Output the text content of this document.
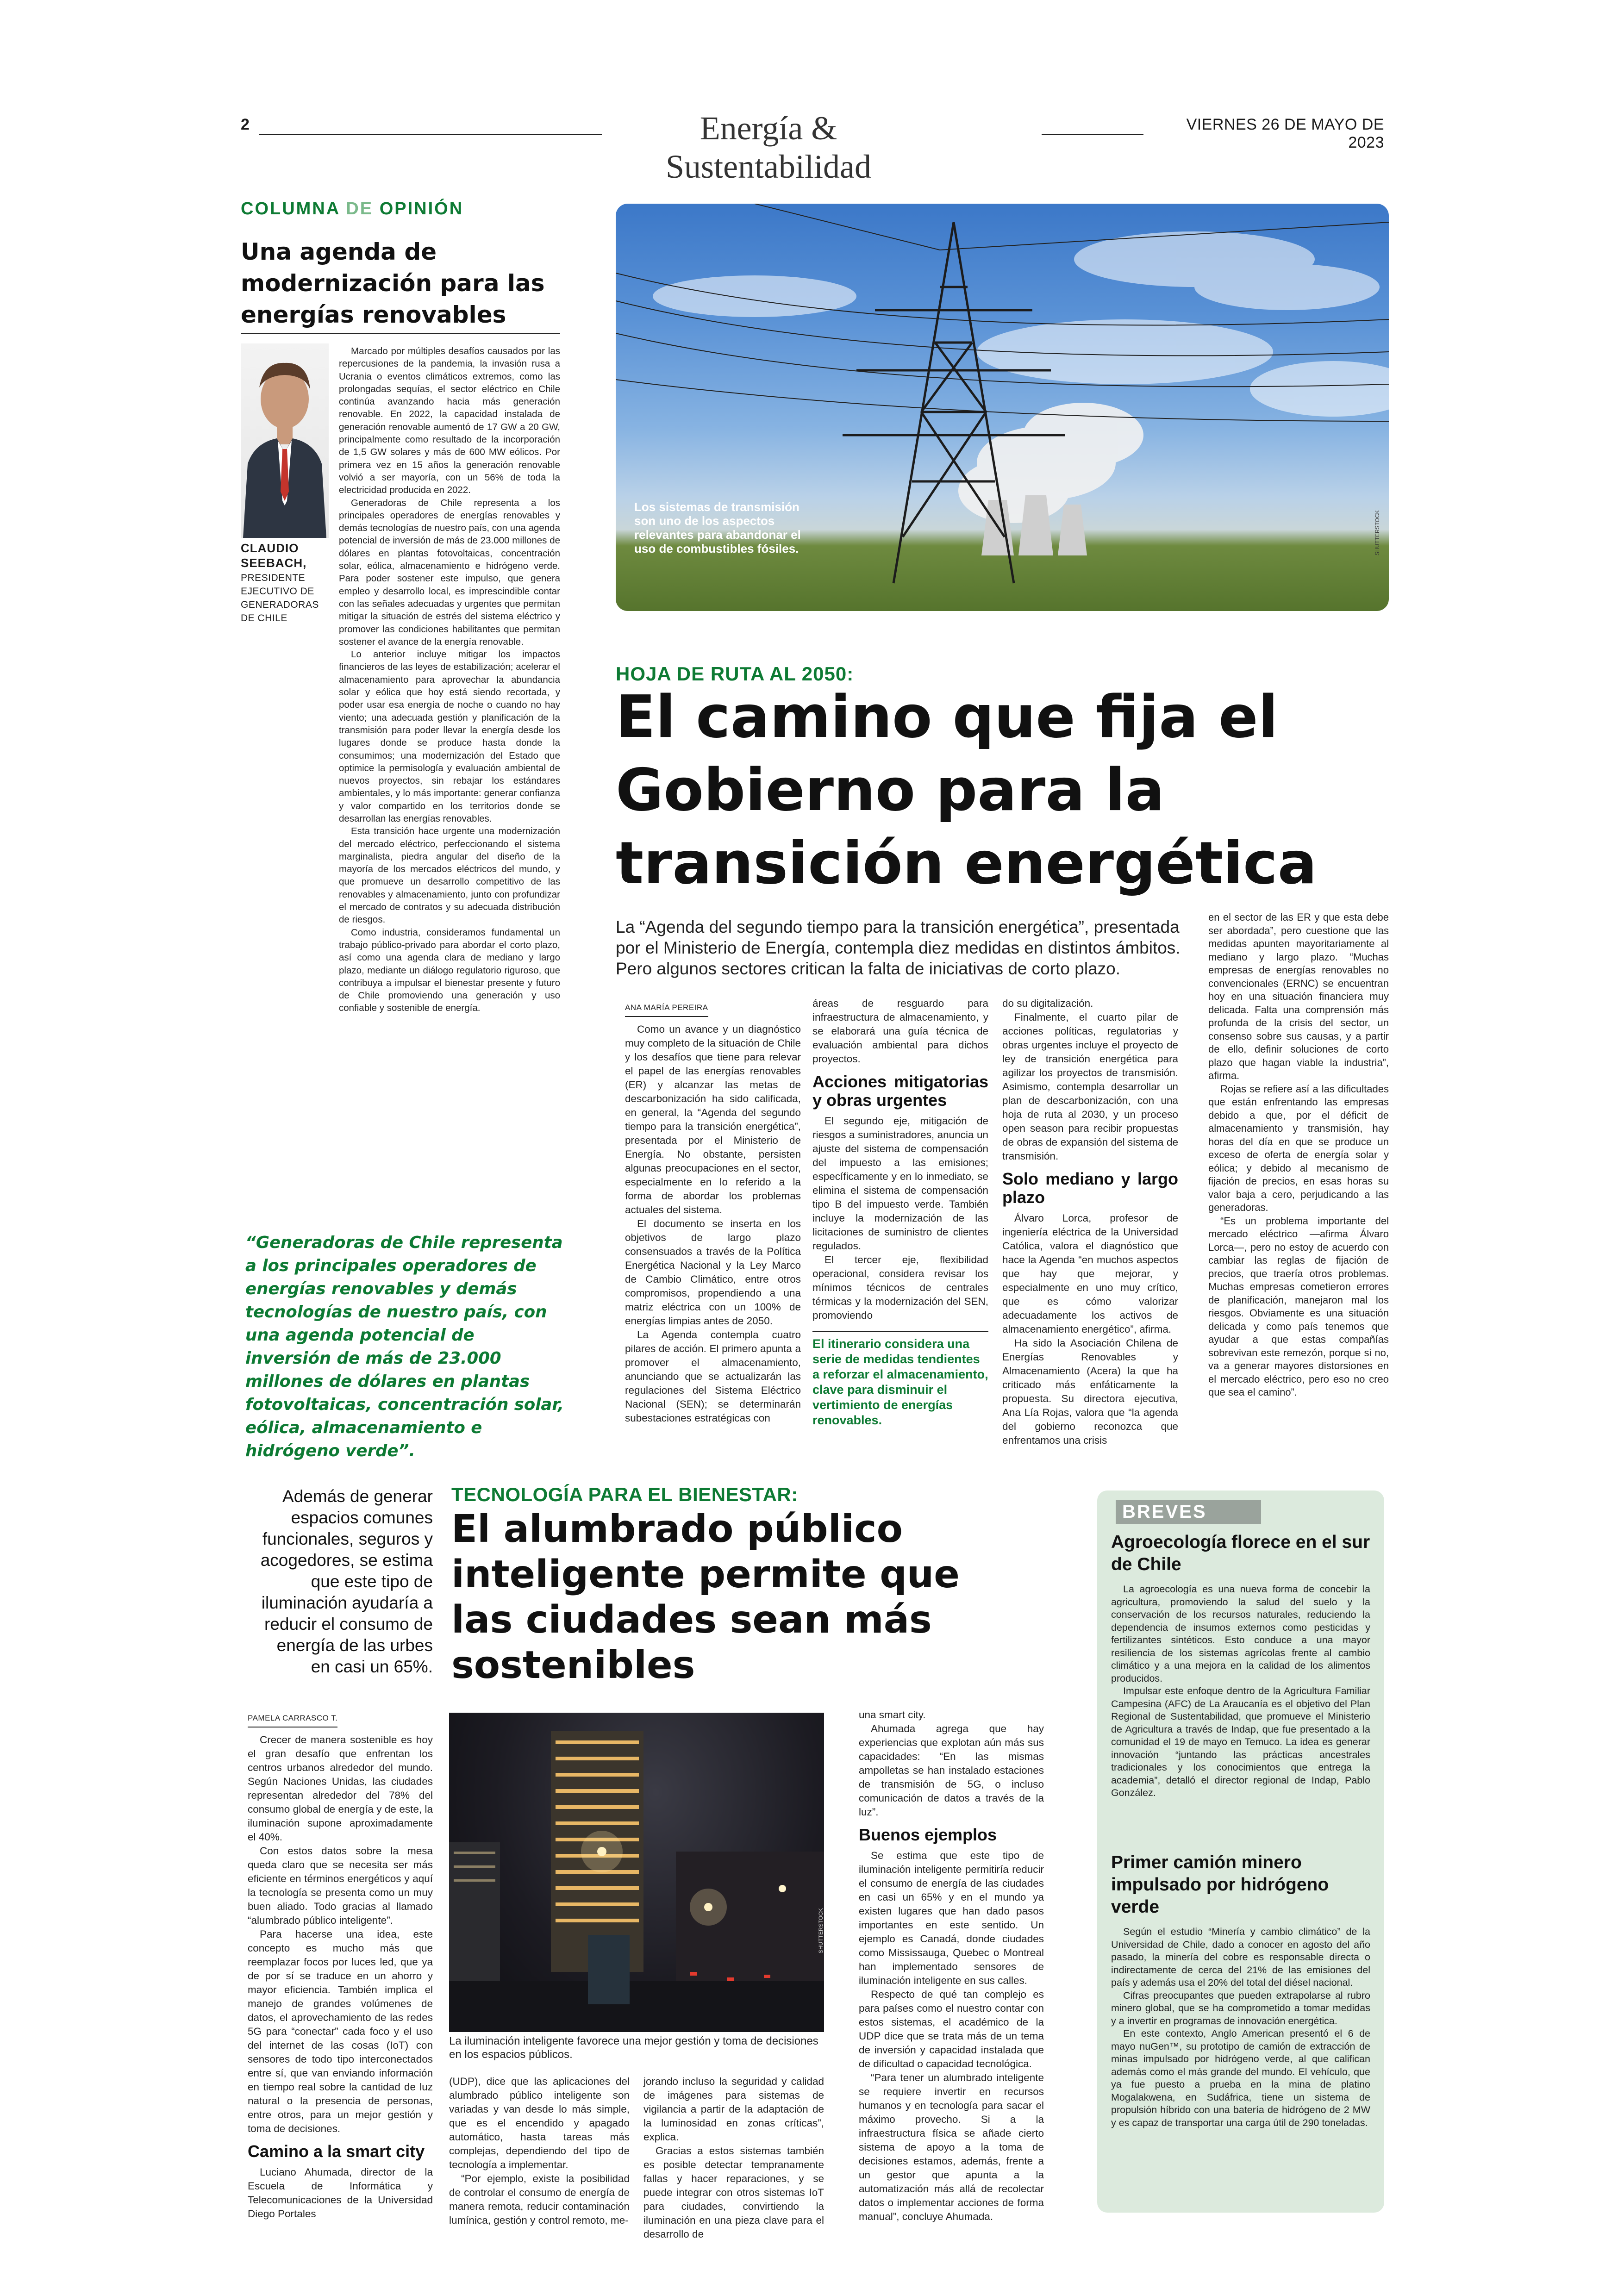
2	Energía & Sustentabilidad
VIERNES 26 DE MAYO DE 2023
COLUMNA DE OPINIÓN
Una agenda de modernización para las energías renovables
CLAUDIO SEEBACH,
PRESIDENTE EJECUTIVO DE GENERADORAS DE CHILE

Marcado por múltiples desafíos causados por las repercusiones de la pandemia, la invasión rusa a Ucrania o eventos climáticos extremos, como las prolongadas sequías, el sector eléctrico en Chile continúa avanzando hacia más generación renovable. En 2022, la capacidad instalada de generación renovable aumentó de 17 GW a 20 GW, principalmente como resultado de la incorporación de 1,5 GW solares y más de 600 MW eólicos. Por primera vez en 15 años la generación renovable volvió a ser mayoría, con un 56% de toda la electricidad producida en 2022.

Generadoras de Chile representa a los principales operadores de energías renovables y demás tecnologías de nuestro país, con una agenda potencial de inversión de más de 23.000 millones de dólares en plantas fotovoltaicas, concentración solar, eólica, almacenamiento e hidrógeno verde. Para poder sostener este impulso, que genera empleo y desarrollo local, es imprescindible contar con las señales adecuadas y urgentes que permitan mitigar la situación de estrés del sistema eléctrico y promover las condiciones habilitantes que permitan sostener el avance de la energía renovable.

Lo anterior incluye mitigar los impactos financieros de las leyes de estabilización; acelerar el almacenamiento para aprovechar la abundancia solar y eólica que hoy está siendo recortada, y poder usar esa energía de noche o cuando no hay viento; una adecuada gestión y planificación de la transmisión para poder llevar la energía desde los lugares donde se produce hasta donde la consumimos; una modernización del Estado que optimice la permisología y evaluación ambiental de nuevos proyectos, sin rebajar los estándares ambientales, y lo más importante: generar confianza y valor compartido en los territorios donde se desarrollan las energías renovables.

Esta transición hace urgente una modernización del mercado eléctrico, perfeccionando el sistema marginalista, piedra angular del diseño de la mayoría de los mercados eléctricos del mundo, y que promueve un desarrollo competitivo de las renovables y almacenamiento, junto con profundizar el mercado de contratos y su adecuada distribución de riesgos.

Como industria, consideramos fundamental un trabajo público-privado para abordar el corto plazo, así como una agenda clara de mediano y largo plazo, mediante un diálogo regulatorio riguroso, que contribuya a impulsar el bienestar presente y futuro de Chile promoviendo una generación y uso confiable y sostenible de energía.

“Generadoras de Chile representa a los principales operadores de energías renovables y demás tecnologías de nuestro país, con una agenda potencial de inversión de más de 23.000 millones de dólares en plantas fotovoltaicas, concentración solar, eólica, almacenamiento e hidrógeno verde”.
Los sistemas de transmisión son uno de los aspectos relevantes para abandonar el uso de combustibles fósiles.	SHUTTERSTOCK
HOJA DE RUTA AL 2050:
El camino que fija el Gobierno para la transición energética
La “Agenda del segundo tiempo para la transición energética”, presentada por el Ministerio de Energía, contempla diez medidas en distintos ámbitos. Pero algunos sectores critican la falta de iniciativas de corto plazo.
ANA MARÍA PEREIRA

Como un avance y un diagnóstico muy completo de la situación de Chile y los desafíos que tiene para relevar el papel de las energías renovables (ER) y alcanzar las metas de descarbonización ha sido calificada, en general, la “Agenda del segundo tiempo para la transición energética”, presentada por el Ministerio de Energía. No obstante, persisten algunas preocupaciones en el sector, especialmente en lo referido a la forma de abordar los problemas actuales del sistema.

El documento se inserta en los objetivos de largo plazo consensuados a través de la Política Energética Nacional y la Ley Marco de Cambio Climático, entre otros compromisos, propendiendo a una matriz eléctrica con un 100% de energías limpias antes de 2050.

La Agenda contempla cuatro pilares de acción. El primero apunta a promover el almacenamiento, anunciando que se actualizarán las regulaciones del Sistema Eléctrico Nacional (SEN); se determinarán subestaciones estratégicas con

áreas de resguardo para infraestructura de almacenamiento, y se elaborará una guía técnica de evaluación ambiental para dichos proyectos.

Acciones mitigatorias y obras urgentes

El segundo eje, mitigación de riesgos a suministradores, anuncia un ajuste del sistema de compensación del impuesto a las emisiones; específicamente y en lo inmediato, se elimina el sistema de compensación tipo B del impuesto verde. También incluye la modernización de las licitaciones de suministro de clientes regulados.

El tercer eje, flexibilidad operacional, considera revisar los mínimos técnicos de centrales térmicas y la modernización del SEN, promoviendo

El itinerario considera una serie de medidas tendientes a reforzar el almacenamiento, clave para disminuir el vertimiento de energías renovables.

do su digitalización.

Finalmente, el cuarto pilar de acciones políticas, regulatorias y obras urgentes incluye el proyecto de ley de transición energética para agilizar los proyectos de transmisión. Asimismo, contempla desarrollar un plan de descarbonización, con una hoja de ruta al 2030, y un proceso open season para recibir propuestas de obras de expansión del sistema de transmisión.

Solo mediano y largo plazo

Álvaro Lorca, profesor de ingeniería eléctrica de la Universidad Católica, valora el diagnóstico que hace la Agenda “en muchos aspectos que hay que mejorar, y especialmente en uno muy crítico, que es cómo valorizar adecuadamente los activos de almacenamiento energético”, afirma.

Ha sido la Asociación Chilena de Energías Renovables y Almacenamiento (Acera) la que ha criticado más enfáticamente la propuesta. Su directora ejecutiva, Ana Lía Rojas, valora que “la agenda del gobierno reconozca que enfrentamos una crisis

en el sector de las ER y que esta debe ser abordada”, pero cuestione que las medidas apunten mayoritariamente al mediano y largo plazo. “Muchas empresas de energías renovables no convencionales (ERNC) se encuentran hoy en una situación financiera muy delicada. Falta una comprensión más profunda de la crisis del sector, un consenso sobre sus causas, y a partir de ello, definir soluciones de corto plazo que hagan viable la industria”, afirma.

Rojas se refiere así a las dificultades que están enfrentando las empresas debido a que, por el déficit de almacenamiento y transmisión, hay horas del día en que se produce un exceso de oferta de energía solar y eólica; y debido al mecanismo de fijación de precios, en esas horas su valor baja a cero, perjudicando a las generadoras.

“Es un problema importante del mercado eléctrico —afirma Álvaro Lorca—, pero no estoy de acuerdo con cambiar las reglas de fijación de precios, que traería otros problemas. Muchas empresas cometieron errores de planificación, manejaron mal los riesgos. Obviamente es una situación delicada y como país tenemos que ayudar a que estas compañías sobrevivan este remezón, porque si no, va a generar mayores distorsiones en el mercado eléctrico, pero eso no creo que sea el camino”.

Además de generar espacios comunes funcionales, seguros y acogedores, se estima que este tipo de iluminación ayudaría a reducir el consumo de energía de las urbes en casi un 65%.
TECNOLOGÍA PARA EL BIENESTAR:
El alumbrado público inteligente permite que las ciudades sean más sostenibles
PAMELA CARRASCO T.

Crecer de manera sostenible es hoy el gran desafío que enfrentan los centros urbanos alrededor del mundo. Según Naciones Unidas, las ciudades representan alrededor del 78% del consumo global de energía y de este, la iluminación supone aproximadamente el 40%.

Con estos datos sobre la mesa queda claro que se necesita ser más eficiente en términos energéticos y aquí la tecnología se presenta como un muy buen aliado. Todo gracias al llamado “alumbrado público inteligente”.

Para hacerse una idea, este concepto es mucho más que reemplazar focos por luces led, que ya de por sí se traduce en un ahorro y mayor eficiencia. También implica el manejo de grandes volúmenes de datos, el aprovechamiento de las redes 5G para “conectar” cada foco y el uso del internet de las cosas (IoT) con sensores de todo tipo interconectados entre sí, que van enviando información en tiempo real sobre la cantidad de luz natural o la presencia de personas, entre otros, para un mejor gestión y toma de decisiones.

Camino a la smart city

Luciano Ahumada, director de la Escuela de Informática y Telecomunicaciones de la Universidad Diego Portales

SHUTTERSTOCK
La iluminación inteligente favorece una mejor gestión y toma de decisiones en los espacios públicos.

(UDP), dice que las aplicaciones del alumbrado público inteligente son variadas y van desde lo más simple, que es el encendido y apagado automático, hasta tareas más complejas, dependiendo del tipo de tecnología a implementar.

“Por ejemplo, existe la posibilidad de controlar el consumo de energía de manera remota, reducir contaminación lumínica, gestión y control remoto, me-

jorando incluso la seguridad y calidad de imágenes para sistemas de vigilancia a partir de la adaptación de la luminosidad en zonas críticas”, explica.

Gracias a estos sistemas también es posible detectar tempranamente fallas y hacer reparaciones, y se puede integrar con otros sistemas IoT para ciudades, convirtiendo la iluminación en una pieza clave para el desarrollo de

una smart city.

Ahumada agrega que hay experiencias que explotan aún más sus capacidades: “En las mismas ampolletas se han instalado estaciones de transmisión de 5G, o incluso comunicación de datos a través de la luz”.

Buenos ejemplos

Se estima que este tipo de iluminación inteligente permitiría reducir el consumo de energía de las ciudades en casi un 65% y en el mundo ya existen lugares que han dado pasos importantes en este sentido. Un ejemplo es Canadá, donde ciudades como Mississauga, Quebec o Montreal han implementado sensores de iluminación inteligente en sus calles.

Respecto de qué tan complejo es para países como el nuestro contar con estos sistemas, el académico de la UDP dice que se trata más de un tema de inversión y capacidad instalada que de dificultad o capacidad tecnológica.

“Para tener un alumbrado inteligente se requiere invertir en recursos humanos y en tecnología para sacar el máximo provecho. Si a la infraestructura física se añade cierto sistema de apoyo a la toma de decisiones estamos, además, frente a un gestor que apunta a la automatización más allá de recolectar datos o implementar acciones de forma manual”, concluye Ahumada.

BREVES
Agroecología florece en el sur de Chile

La agroecología es una nueva forma de concebir la agricultura, promoviendo la salud del suelo y la conservación de los recursos naturales, reduciendo la dependencia de insumos externos como pesticidas y fertilizantes sintéticos. Esto conduce a una mayor resiliencia de los sistemas agrícolas frente al cambio climático y a una mejora en la calidad de los alimentos producidos.

Impulsar este enfoque dentro de la Agricultura Familiar Campesina (AFC) de La Araucanía es el objetivo del Plan Regional de Sustentabilidad, que promueve el Ministerio de Agricultura a través de Indap, que fue presentado a la comunidad el 19 de mayo en Temuco. La idea es generar innovación “juntando las prácticas ancestrales tradicionales y los conocimientos que entrega la academia”, detalló el director regional de Indap, Pablo González.

Primer camión minero impulsado por hidrógeno verde

Según el estudio “Minería y cambio climático” de la Universidad de Chile, dado a conocer en agosto del año pasado, la minería del cobre es responsable directa o indirectamente de cerca del 21% de las emisiones del país y además usa el 20% del total del diésel nacional.

Cifras preocupantes que pueden extrapolarse al rubro minero global, que se ha comprometido a tomar medidas y a invertir en programas de innovación energética.

En este contexto, Anglo American presentó el 6 de mayo nuGen™, su prototipo de camión de extracción de minas impulsado por hidrógeno verde, al que califican además como el más grande del mundo. El vehículo, que ya fue puesto a prueba en la mina de platino Mogalakwena, en Sudáfrica, tiene un sistema de propulsión híbrido con una batería de hidrógeno de 2 MW y es capaz de transportar una carga útil de 290 toneladas.
